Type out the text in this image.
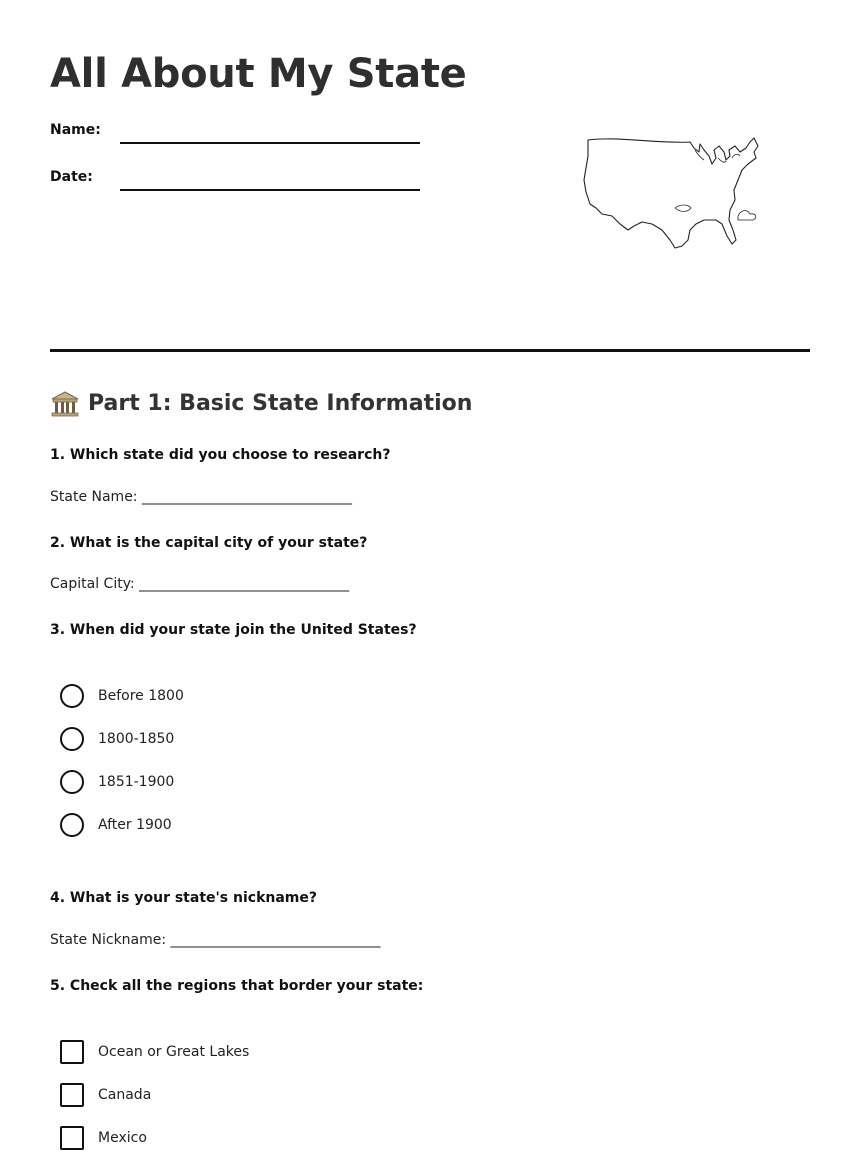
All About My State
Name:
Date:
Part 1: Basic State Information
1. Which state did you choose to research?
State Name: ______________________________
2. What is the capital city of your state?
Capital City: ______________________________
3. When did your state join the United States?
Before 1800
1800-1850
1851-1900
After 1900
4. What is your state's nickname?
State Nickname: ______________________________
5. Check all the regions that border your state:
Ocean or Great Lakes
Canada
Mexico
